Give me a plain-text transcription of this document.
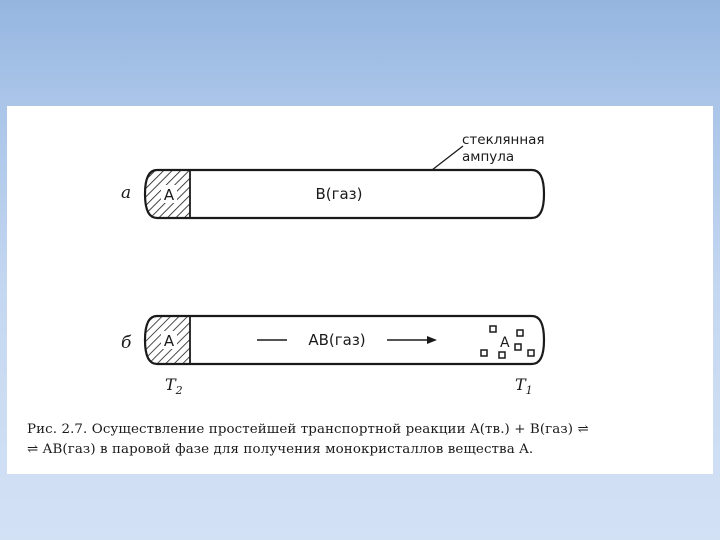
A	B(газ)
стеклянная
ампула
а
A	AB(газ)	A
б
$T_2$	$T_1$
Рис. 2.7. Осуществление простейшей транспортной реакции A(тв.) + B(газ) ⇌
⇌ AB(газ) в паровой фазе для получения монокристаллов вещества A.
